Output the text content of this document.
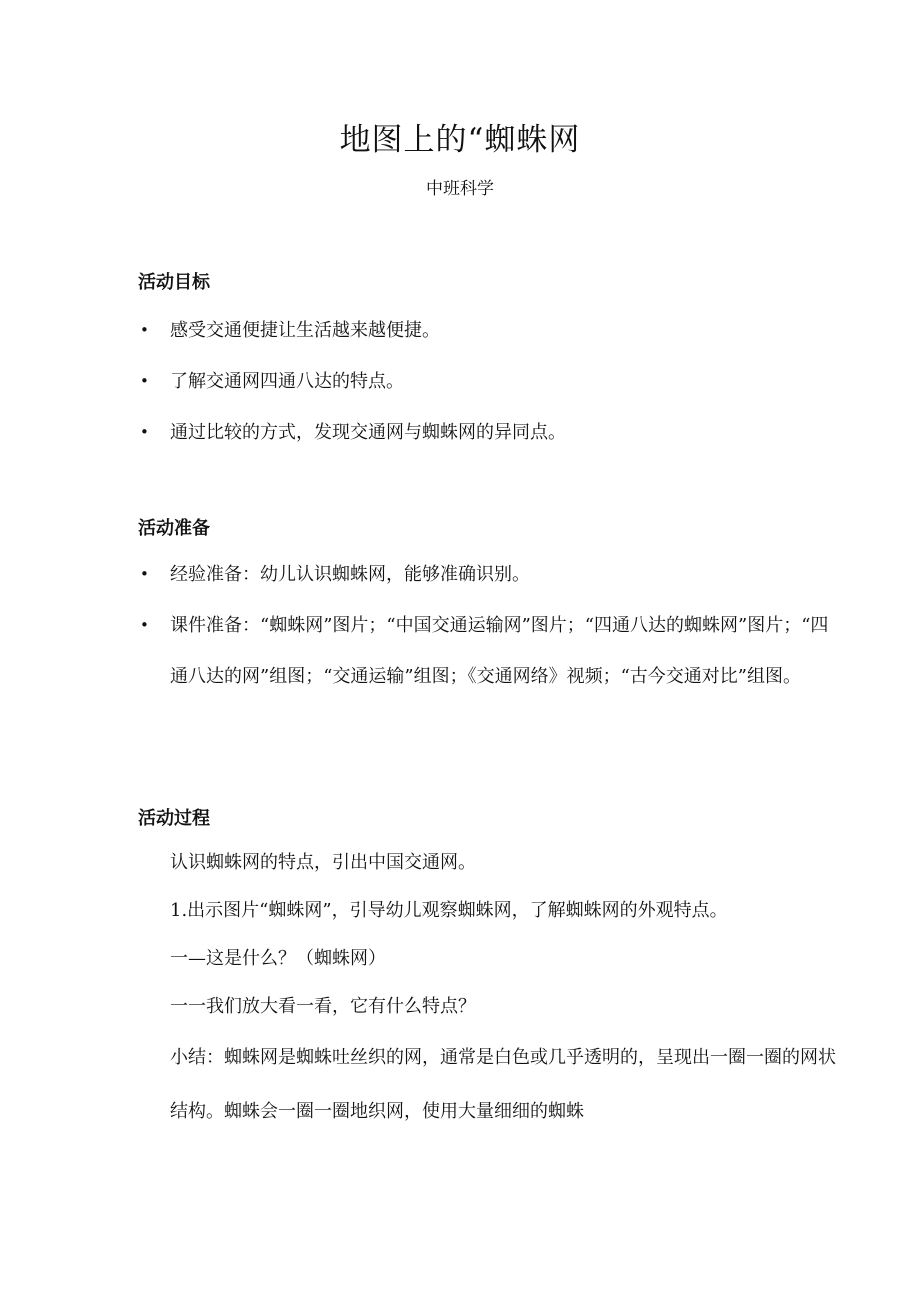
地图上的“蜘蛛网

中班科学

活动目标
• 感受交通便捷让生活越来越便捷。
• 了解交通网四通八达的特点。
• 通过比较的方式，发现交通网与蜘蛛网的异同点。
活动准备
• 经验准备：幼儿认识蜘蛛网，能够准确识别。
• 课件准备：“蜘蛛网”图片；“中国交通运输网”图片；“四通八达的蜘蛛网”图片；“四通八达的网”组图；“交通运输”组图；《交通网络》视频；“古今交通对比”组图。
活动过程

认识蜘蛛网的特点，引出中国交通网。

1.出示图片“蜘蛛网”，引导幼儿观察蜘蛛网，了解蜘蛛网的外观特点。

一—这是什么？（蜘蛛网）

一一我们放大看一看，它有什么特点？

小结：蜘蛛网是蜘蛛吐丝织的网，通常是白色或几乎透明的，呈现出一圈一圈的网状结构。蜘蛛会一圈一圈地织网，使用大量细细的蜘蛛
